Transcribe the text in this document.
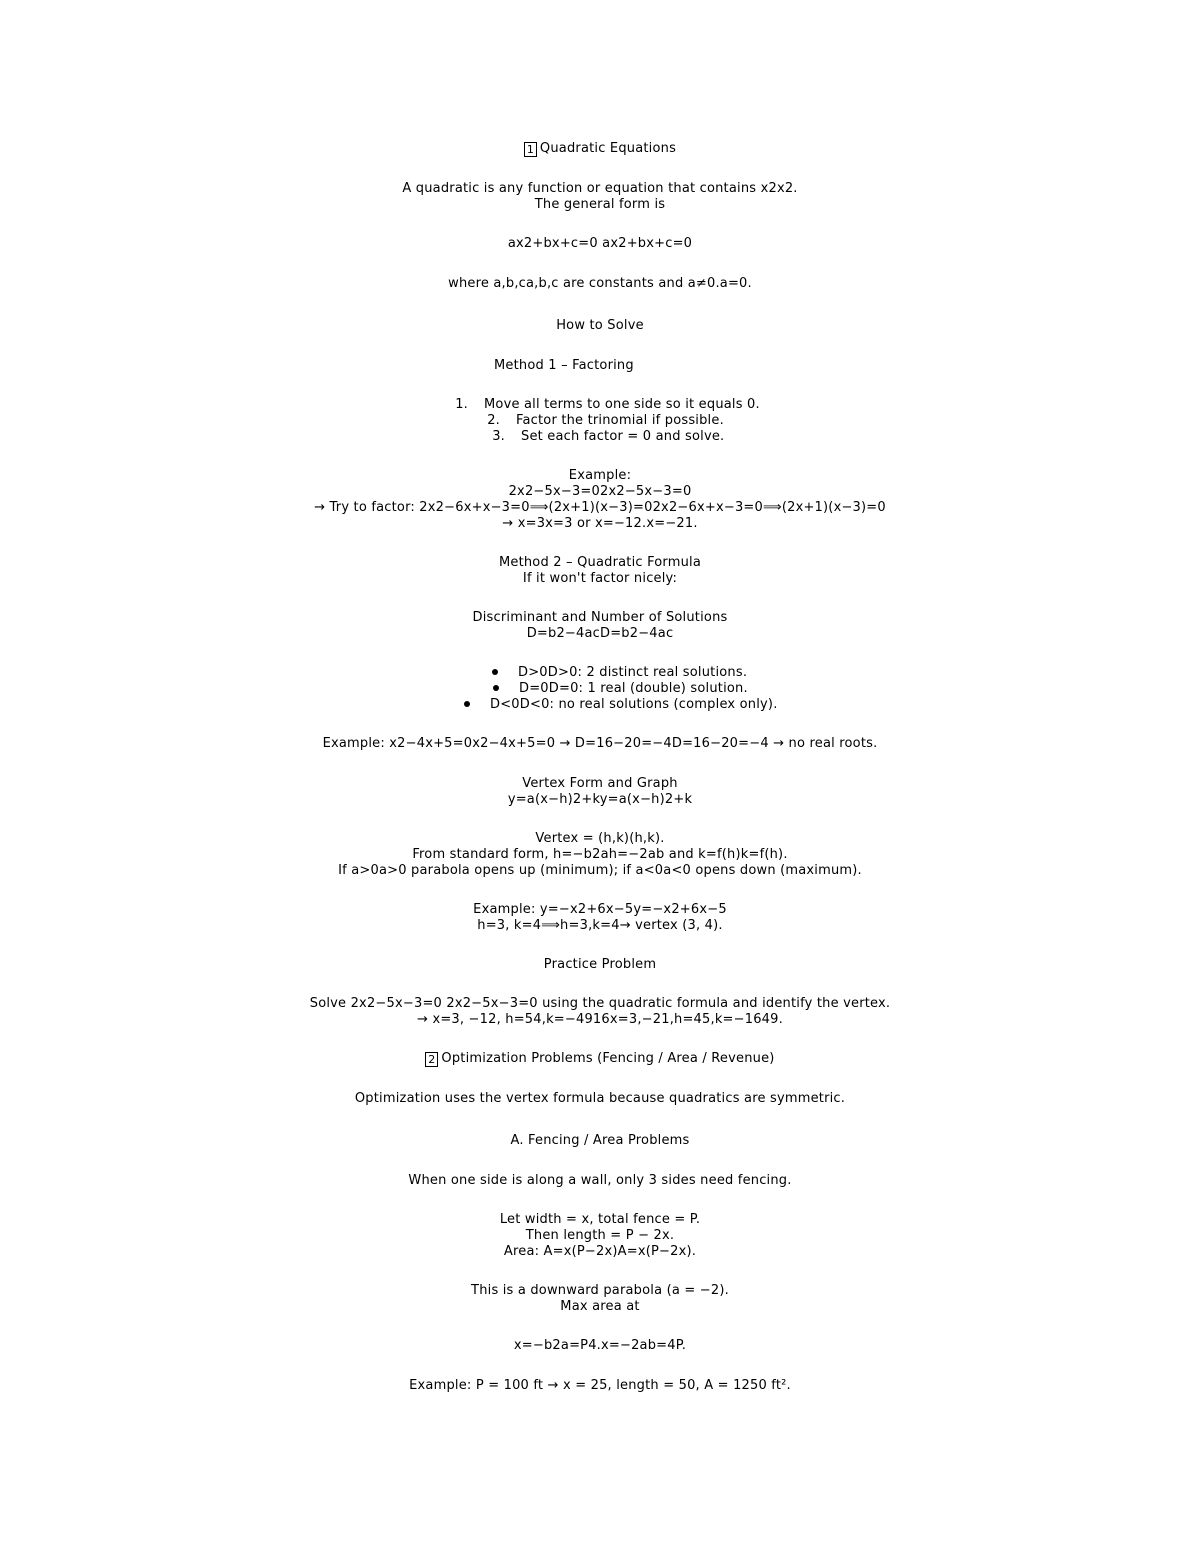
1 Quadratic Equations
A quadratic is any function or equation that contains x2x2.
The general form is
ax2+bx+c=0 ax2+bx+c=0
where a,b,ca,b,c are constants and a≠0.a=0.
How to Solve
Method 1 – Factoring
1. Move all terms to one side so it equals 0.
2. Factor the trinomial if possible.
3. Set each factor = 0 and solve.
Example:
2x2−5x−3=02x2−5x−3=0
→ Try to factor: 2x2−6x+x−3=0⟹(2x+1)(x−3)=02x2−6x+x−3=0⟹(2x+1)(x−3)=0
→ x=3x=3 or x=−12.x=−21.
Method 2 – Quadratic Formula
If it won't factor nicely:
Discriminant and Number of Solutions
D=b2−4acD=b2−4ac
D>0D>0: 2 distinct real solutions.
D=0D=0: 1 real (double) solution.
D<0D<0: no real solutions (complex only).
Example: x2−4x+5=0x2−4x+5=0 → D=16−20=−4D=16−20=−4 → no real roots.
Vertex Form and Graph
y=a(x−h)2+ky=a(x−h)2+k
Vertex = (h,k)(h,k).
From standard form, h=−b2ah=−2ab and k=f(h)k=f(h).
If a>0a>0 parabola opens up (minimum); if a<0a<0 opens down (maximum).
Example: y=−x2+6x−5y=−x2+6x−5
h=3, k=4⟹h=3,k=4→ vertex (3, 4).
Practice Problem
Solve 2x2−5x−3=0 2x2−5x−3=0 using the quadratic formula and identify the vertex.
→ x=3, −12, h=54,k=−4916x=3,−21,h=45,k=−1649.
2 Optimization Problems (Fencing / Area / Revenue)
Optimization uses the vertex formula because quadratics are symmetric.
A. Fencing / Area Problems
When one side is along a wall, only 3 sides need fencing.
Let width = x, total fence = P.
Then length = P − 2x.
Area: A=x(P−2x)A=x(P−2x).
This is a downward parabola (a = −2).
Max area at
x=−b2a=P4.x=−2ab=4P.
Example: P = 100 ft → x = 25, length = 50, A = 1250 ft².
